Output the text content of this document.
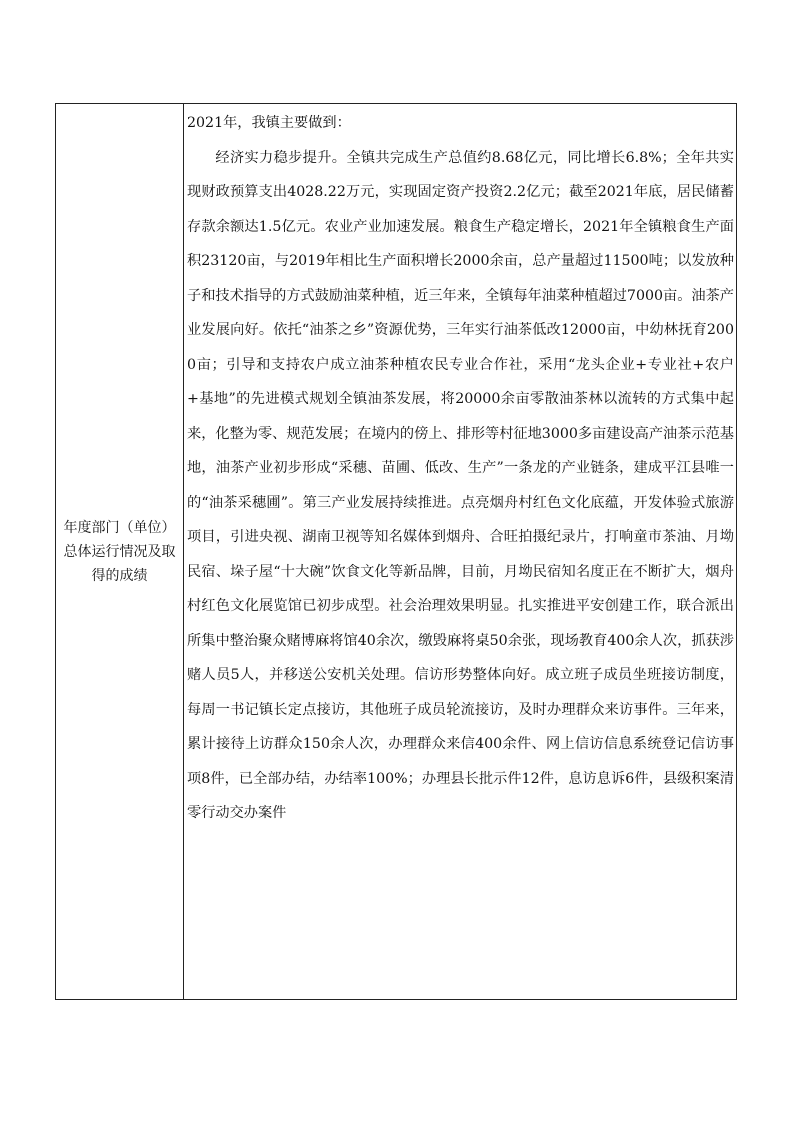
年度部门（单位）总体运行情况及取得的成绩
2021年，我镇主要做到：
经济实力稳步提升。全镇共完成生产总值约8.68亿元，同比增长6.8%；全年共实现财政预算支出4028.22万元，实现固定资产投资2.2亿元；截至2021年底，居民储蓄存款余额达1.5亿元。农业产业加速发展。粮食生产稳定增长，2021年全镇粮食生产面积23120亩，与2019年相比生产面积增长2000余亩，总产量超过11500吨；以发放种子和技术指导的方式鼓励油菜种植，近三年来，全镇每年油菜种植超过7000亩。油茶产业发展向好。依托“油茶之乡”资源优势，三年实行油茶低改12000亩，中幼林抚育2000亩；引导和支持农户成立油茶种植农民专业合作社，采用“龙头企业+专业社+农户+基地”的先进模式规划全镇油茶发展，将20000余亩零散油茶林以流转的方式集中起来，化整为零、规范发展；在境内的傍上、排形等村征地3000多亩建设高产油茶示范基地，油茶产业初步形成“采穗、苗圃、低改、生产”一条龙的产业链条，建成平江县唯一的“油茶采穗圃”。第三产业发展持续推进。点亮烟舟村红色文化底蕴，开发体验式旅游项目，引进央视、湖南卫视等知名媒体到烟舟、合旺拍摄纪录片，打响童市茶油、月坳民宿、垛子屋“十大碗”饮食文化等新品牌，目前，月坳民宿知名度正在不断扩大，烟舟村红色文化展览馆已初步成型。社会治理效果明显。扎实推进平安创建工作，联合派出所集中整治聚众赌博麻将馆40余次，缴毁麻将桌50余张，现场教育400余人次，抓获涉赌人员5人，并移送公安机关处理。信访形势整体向好。成立班子成员坐班接访制度，每周一书记镇长定点接访，其他班子成员轮流接访，及时办理群众来访事件。三年来，累计接待上访群众150余人次，办理群众来信400余件、网上信访信息系统登记信访事项8件，已全部办结，办结率100%；办理县长批示件12件，息访息诉6件，县级积案清零行动交办案件
